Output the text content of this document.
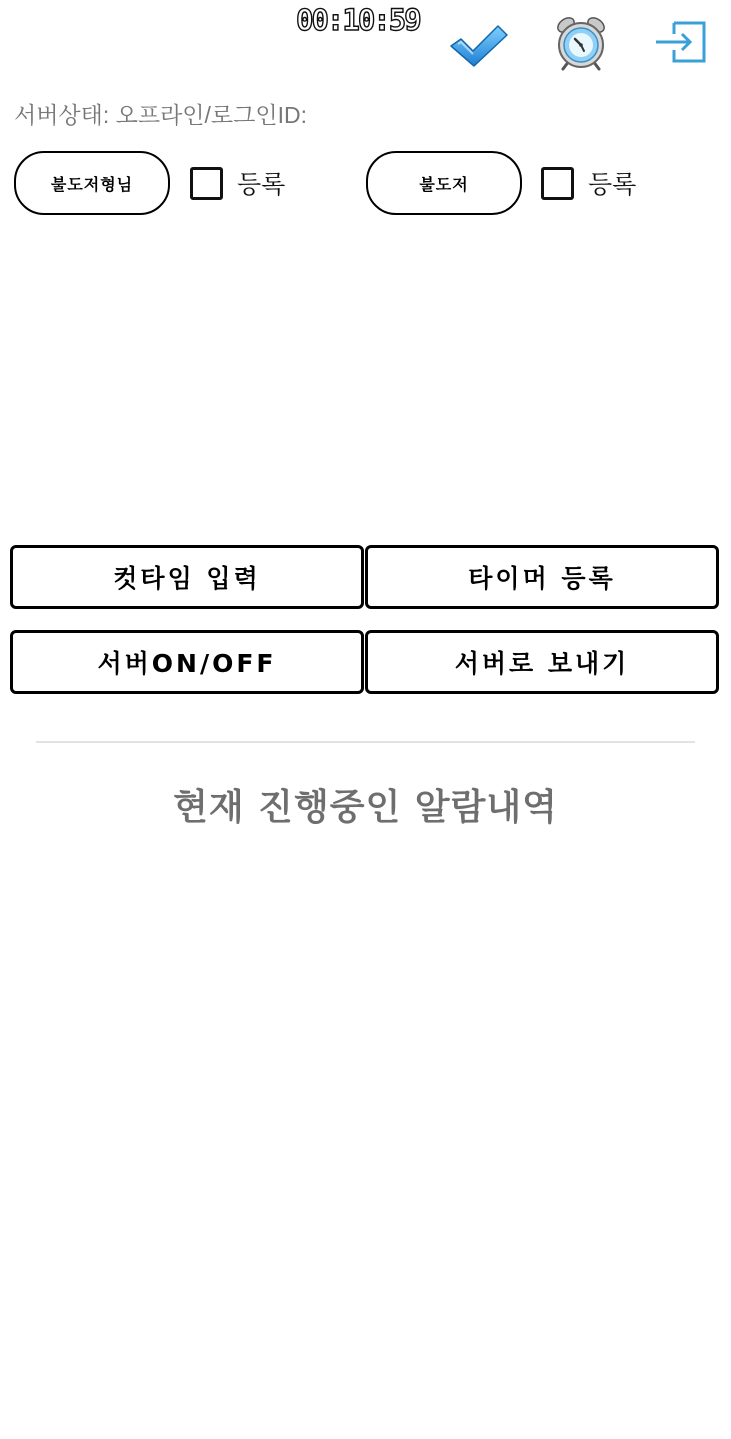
00:10:59
서버상태: 오프라인/로그인ID:
불도저형님	등록	불도저	등록
컷타임 입력	타이머 등록
서버ON/OFF	서버로 보내기
현재 진행중인 알람내역
